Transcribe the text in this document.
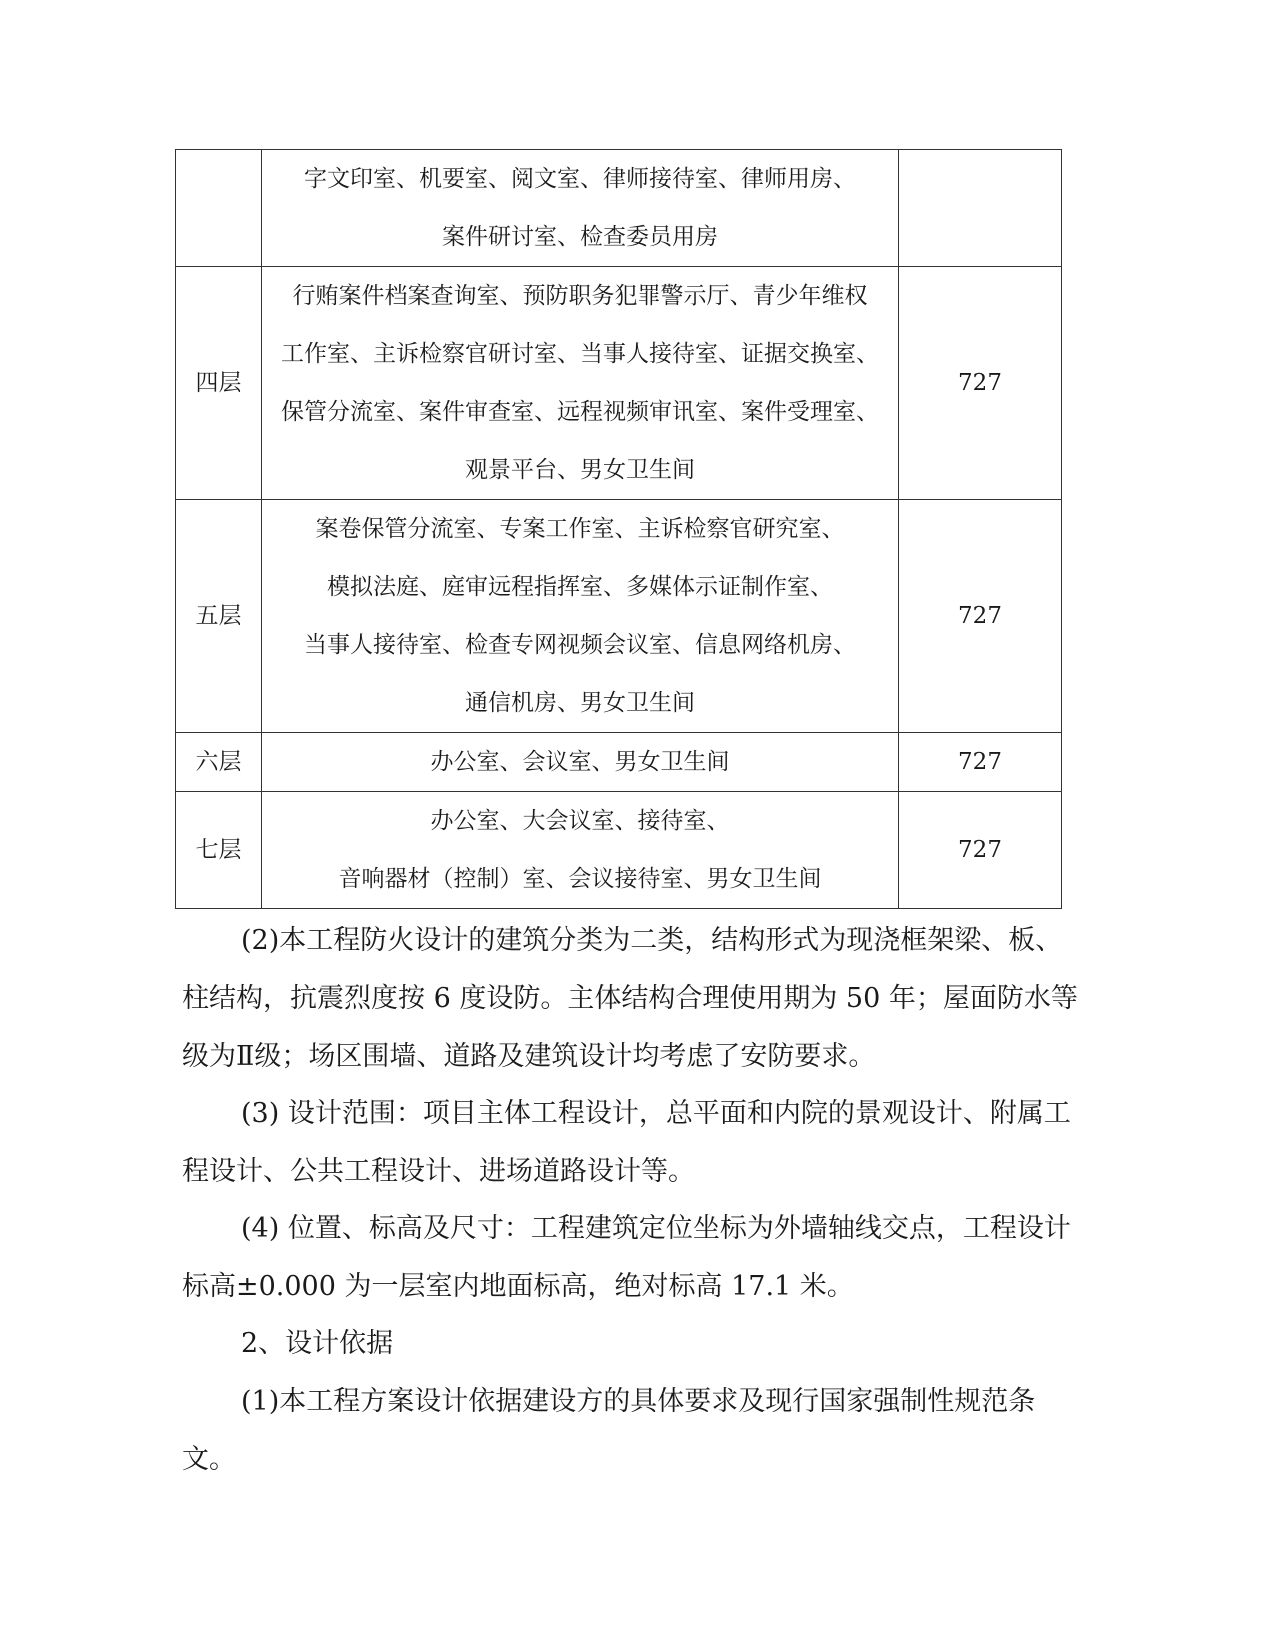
	字文印室、机要室、阅文室、律师接待室、律师用房、
案件研讨室、检查委员用房	

四层	行贿案件档案查询室、预防职务犯罪警示厅、青少年维权
工作室、主诉检察官研讨室、当事人接待室、证据交换室、
保管分流室、案件审查室、远程视频审讯室、案件受理室、
观景平台、男女卫生间	727
五层	案卷保管分流室、专案工作室、主诉检察官研究室、
模拟法庭、庭审远程指挥室、多媒体示证制作室、
当事人接待室、检查专网视频会议室、信息网络机房、
通信机房、男女卫生间	727
六层	办公室、会议室、男女卫生间	727
七层	办公室、大会议室、接待室、
音响器材（控制）室、会议接待室、男女卫生间	727

(2)本工程防火设计的建筑分类为二类，结构形式为现浇框架梁、板、柱结构，抗震烈度按 6 度设防。主体结构合理使用期为 50 年；屋面防水等级为Ⅱ级；场区围墙、道路及建筑设计均考虑了安防要求。

(3) 设计范围：项目主体工程设计，总平面和内院的景观设计、附属工程设计、公共工程设计、进场道路设计等。

(4) 位置、标高及尺寸：工程建筑定位坐标为外墙轴线交点，工程设计标高±0.000 为一层室内地面标高，绝对标高 17.1 米。

2、设计依据

(1)本工程方案设计依据建设方的具体要求及现行国家强制性规范条文。
